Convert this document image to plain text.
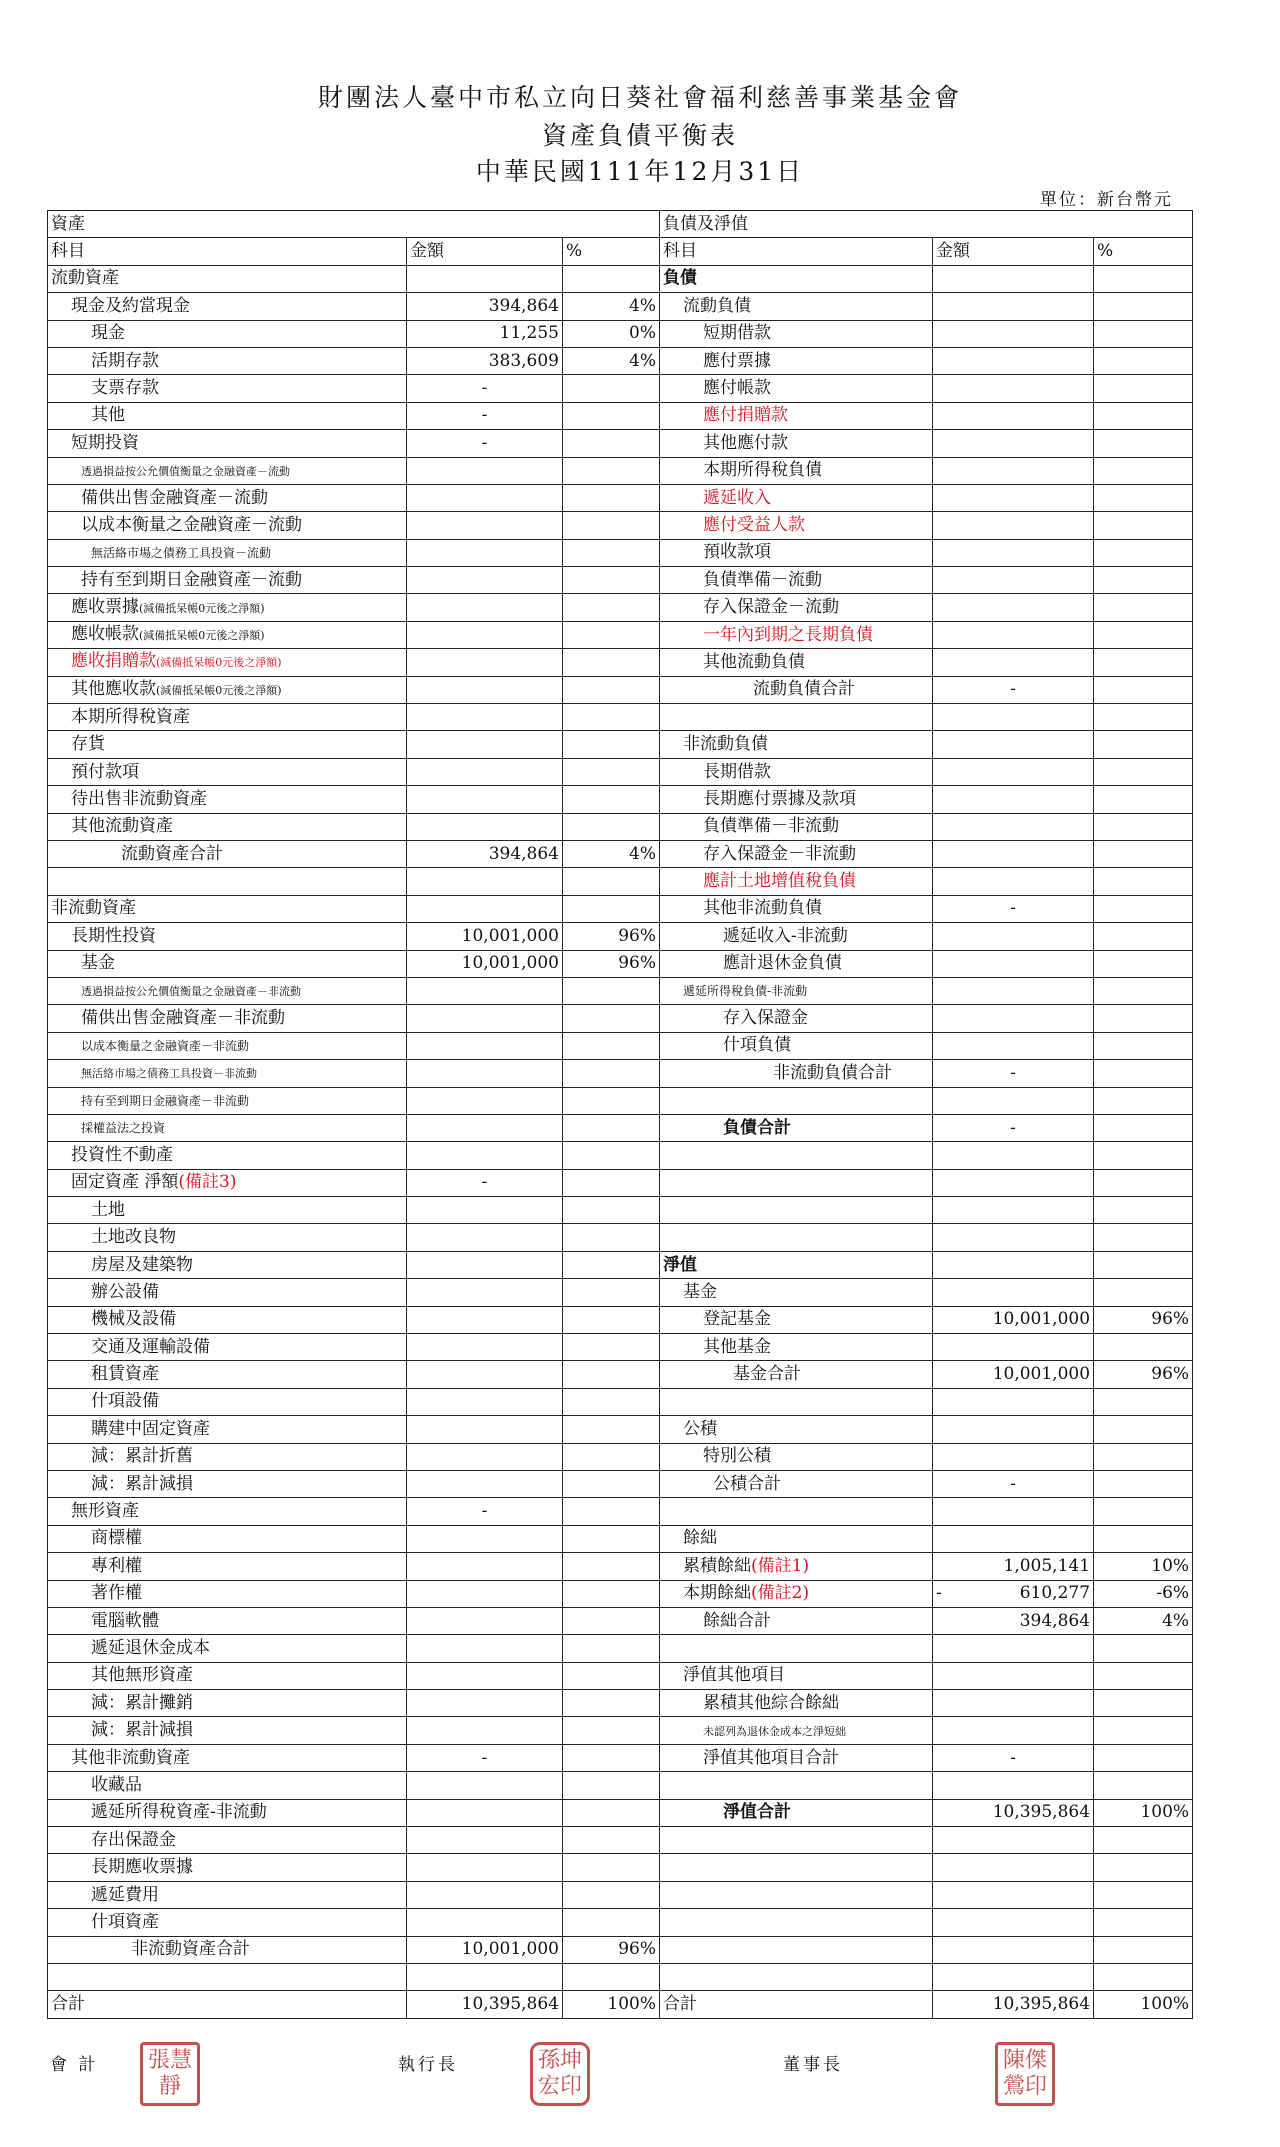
財團法人臺中市私立向日葵社會福利慈善事業基金會
資產負債平衡表
中華民國111年12月31日
單位：新台幣元
資產			負債及淨值		
科目	金額	%	科目	金額	%
流動資產			負債		
現金及約當現金	394,864	4%	流動負債		
現金	11,255	0%	短期借款		
活期存款	383,609	4%	應付票據		
支票存款	-		應付帳款		
其他	-		應付捐贈款		
短期投資	-		其他應付款		
透過損益按公允價值衡量之金融資產－流動			本期所得稅負債		
備供出售金融資產－流動			遞延收入		
以成本衡量之金融資產－流動			應付受益人款		
無活絡市場之債務工具投資－流動			預收款項		
持有至到期日金融資產－流動			負債準備－流動		
應收票據(減備抵呆帳0元後之淨額)			存入保證金－流動		
應收帳款(減備抵呆帳0元後之淨額)			一年內到期之長期負債		
應收捐贈款(減備抵呆帳0元後之淨額)			其他流動負債		
其他應收款(減備抵呆帳0元後之淨額)			流動負債合計	-	
本期所得稅資產					
存貨			非流動負債		
預付款項			長期借款		
待出售非流動資產			長期應付票據及款項		
其他流動資產			負債準備－非流動		
流動資產合計	394,864	4%	存入保證金－非流動		
			應計土地增值稅負債		
非流動資產			其他非流動負債	-	
長期性投資	10,001,000	96%	遞延收入-非流動		
基金	10,001,000	96%	應計退休金負債		
透過損益按公允價值衡量之金融資產－非流動			遞延所得稅負債-非流動		
備供出售金融資產－非流動			存入保證金		
以成本衡量之金融資產－非流動			什項負債		
無活絡市場之債務工具投資－非流動			非流動負債合計	-	
持有至到期日金融資產－非流動					
採權益法之投資			負債合計	-	
投資性不動產					
固定資產 淨額(備註3)	-				
土地					
土地改良物					
房屋及建築物			淨值		
辦公設備			基金		
機械及設備			登記基金	10,001,000	96%
交通及運輸設備			其他基金		
租賃資產			基金合計	10,001,000	96%
什項設備					
購建中固定資產			公積		
減：累計折舊			特別公積		
減：累計減損			公積合計	-	
無形資產	-				
商標權			餘絀		
專利權			累積餘絀(備註1)	1,005,141	10%
著作權			本期餘絀(備註2)	- 610,277	-6%
電腦軟體			餘絀合計	394,864	4%
遞延退休金成本					
其他無形資產			淨值其他項目		
減：累計攤銷			累積其他綜合餘絀		
減：累計減損			未認列為退休金成本之淨短絀		
其他非流動資產	-		淨值其他項目合計	-	
收藏品					
遞延所得稅資產-非流動			淨值合計	10,395,864	100%
存出保證金					
長期應收票據					
遞延費用					
什項資產					
非流動資產合計	10,001,000	96%			

合計	10,395,864	100%	合計	10,395,864	100%
會 計	張慧靜
執行長	孫坤宏印
董事長	陳傑鶯印
